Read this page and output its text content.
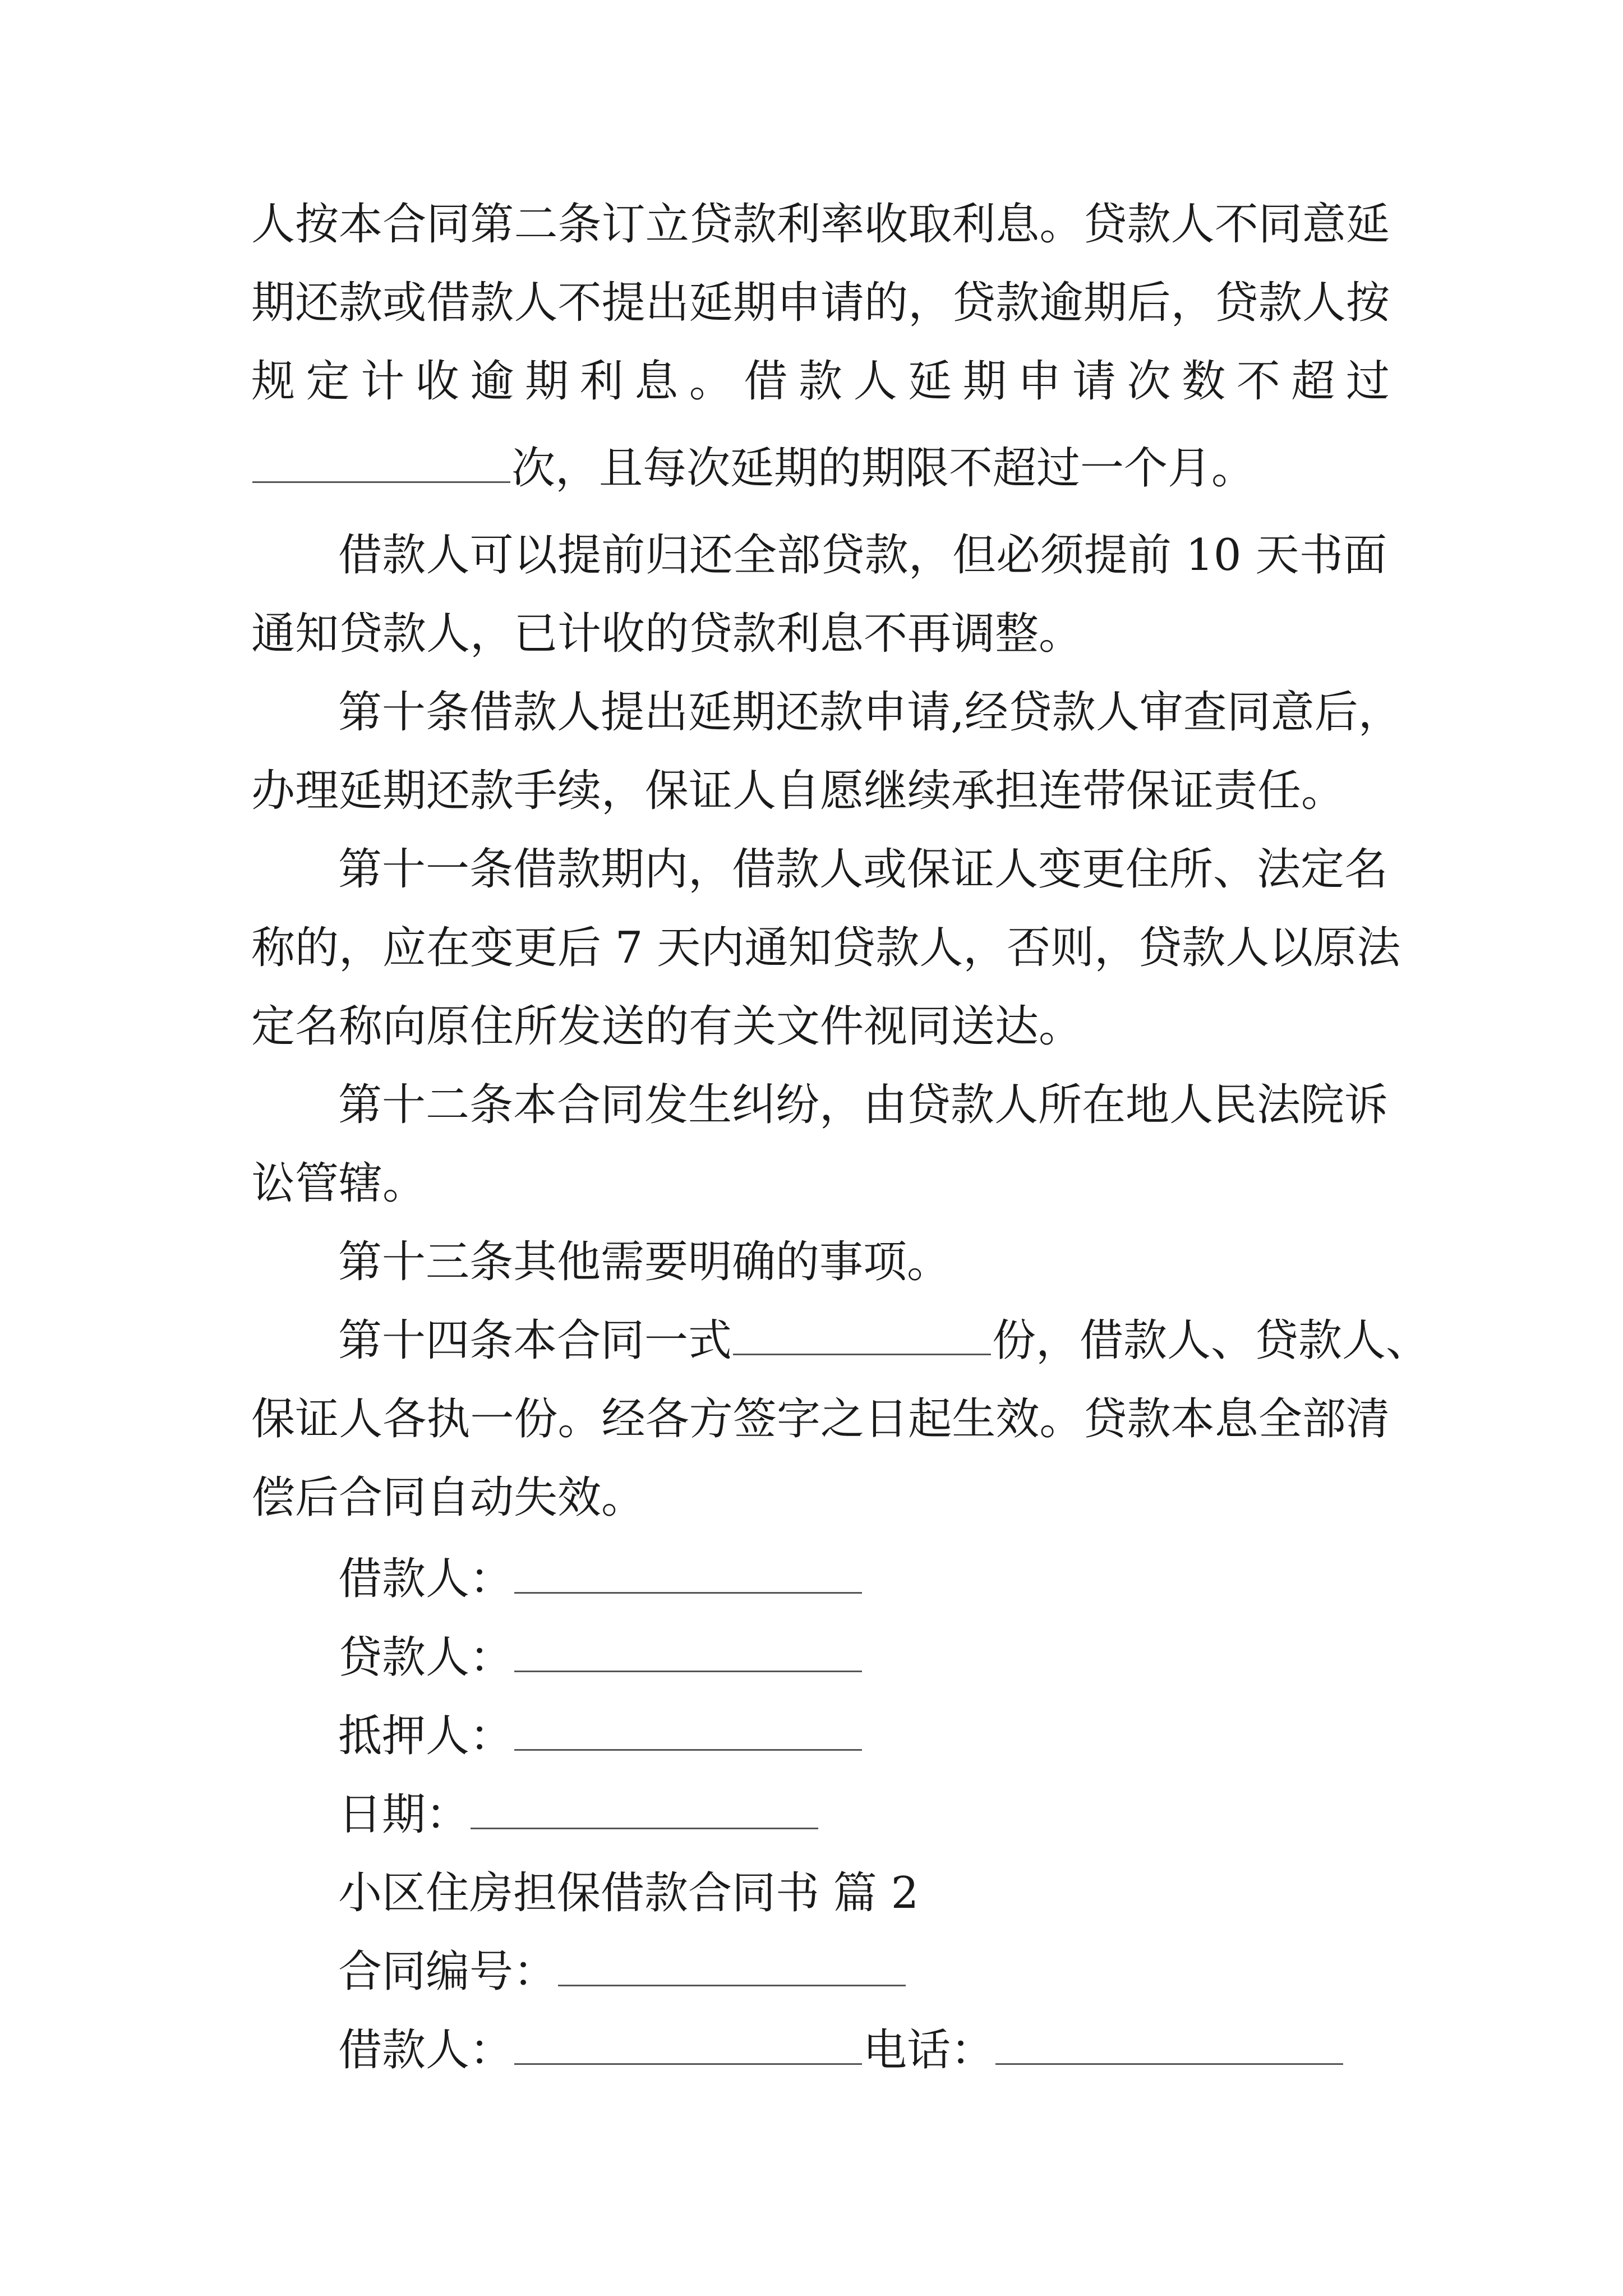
人按本合同第二条订立贷款利率收取利息。贷款人不同意延
期还款或借款人不提出延期申请的，贷款逾期后，贷款人按
规定计收逾期利息。借款人延期申请次数不超过
次，且每次延期的期限不超过一个月。
借款人可以提前归还全部贷款，但必须提前 10 天书面
通知贷款人，已计收的贷款利息不再调整。
第十条借款人提出延期还款申请,经贷款人审查同意后，
办理延期还款手续，保证人自愿继续承担连带保证责任。
第十一条借款期内，借款人或保证人变更住所、法定名
称的，应在变更后 7 天内通知贷款人，否则，贷款人以原法
定名称向原住所发送的有关文件视同送达。
第十二条本合同发生纠纷，由贷款人所在地人民法院诉
讼管辖。
第十三条其他需要明确的事项。
第十四条本合同一式	份，借款人、贷款人、
保证人各执一份。经各方签字之日起生效。贷款本息全部清
偿后合同自动失效。
借款人：
贷款人：
抵押人：
日期：
小区住房担保借款合同书 篇 2
合同编号：
借款人：	电话：
